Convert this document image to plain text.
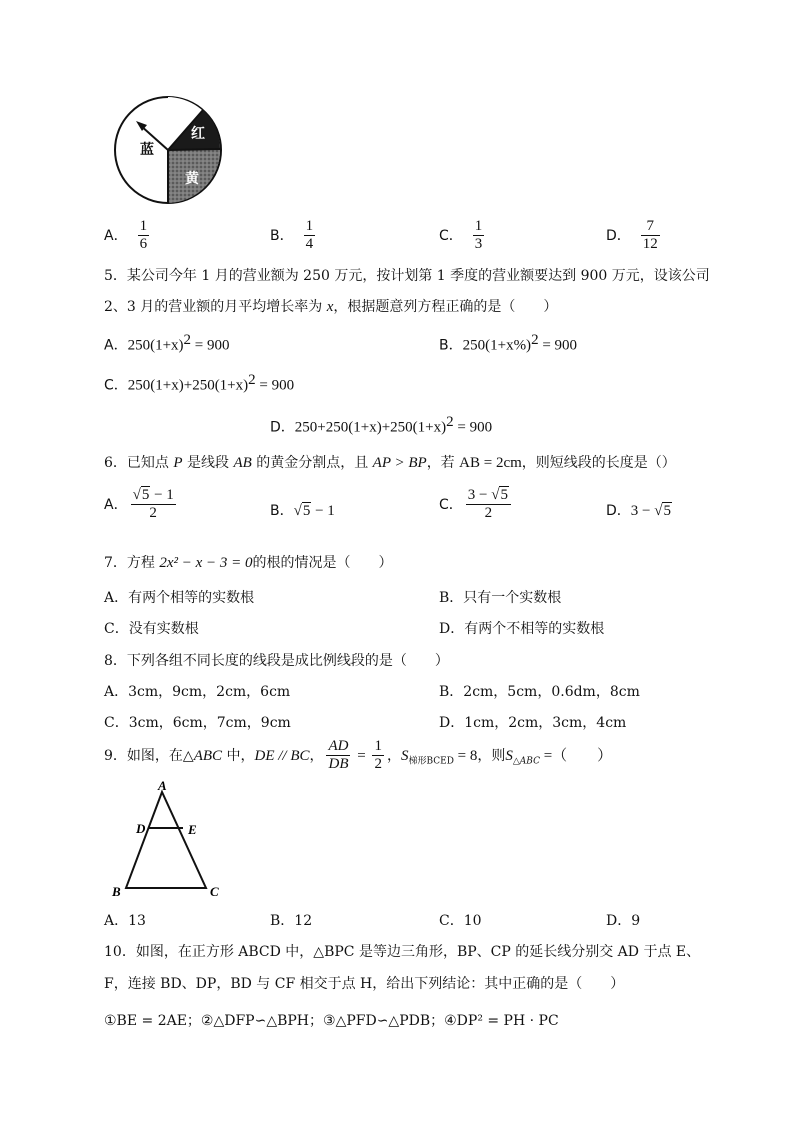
红
黄
蓝
A． $\frac{1}{6}$	B． $\frac{1}{4}$	C． $\frac{1}{3}$	D． $\frac{7}{12}$
5．某公司今年 1 月的营业额为 250 万元，按计划第 1 季度的营业额要达到 900 万元，设该公司
2、3 月的营业额的月平均增长率为 x，根据题意列方程正确的是（　　）
A．$250(1+x)^2 = 900$	B．$250(1+x\%)^2 = 900$
C．$250(1+x)+250(1+x)^2 = 900$
D．$250+250(1+x)+250(1+x)^2 = 900$
6．已知点 P 是线段 AB 的黄金分割点，且 AP > BP，若 AB = 2cm，则短线段的长度是（）
A． $\frac{√5 - 1}{2}$	B．√5 − 1	C． $\frac{3 - √5}{2}$	D．3 − √5
7．方程 2x² − x − 3 = 0的根的情况是（　　）
A．有两个相等的实数根	B．只有一个实数根
C．没有实数根	D．有两个不相等的实数根
8．下列各组不同长度的线段是成比例线段的是（　　）
A．3cm，9cm，2cm，6cm	B．2cm，5cm，0.6dm，8cm
C．3cm，6cm，7cm，9cm	D．1cm，2cm，3cm，4cm
9．如图，在△ABC 中，DE // BC， $\frac{AD}{DB} = \frac{1}{2}$ ，$S_{梯形BCED} = 8$，则$S_{\triangle ABC}$ =（　　）
A
D	E
B	C
A．13	B．12	C．10	D．9
10．如图，在正方形 ABCD 中，△BPC 是等边三角形，BP、CP 的延长线分别交 AD 于点 E、
F，连接 BD、DP，BD 与 CF 相交于点 H，给出下列结论：其中正确的是（　　）
①BE = 2AE；②△DFP∽△BPH；③△PFD∽△PDB；④DP² = PH · PC
